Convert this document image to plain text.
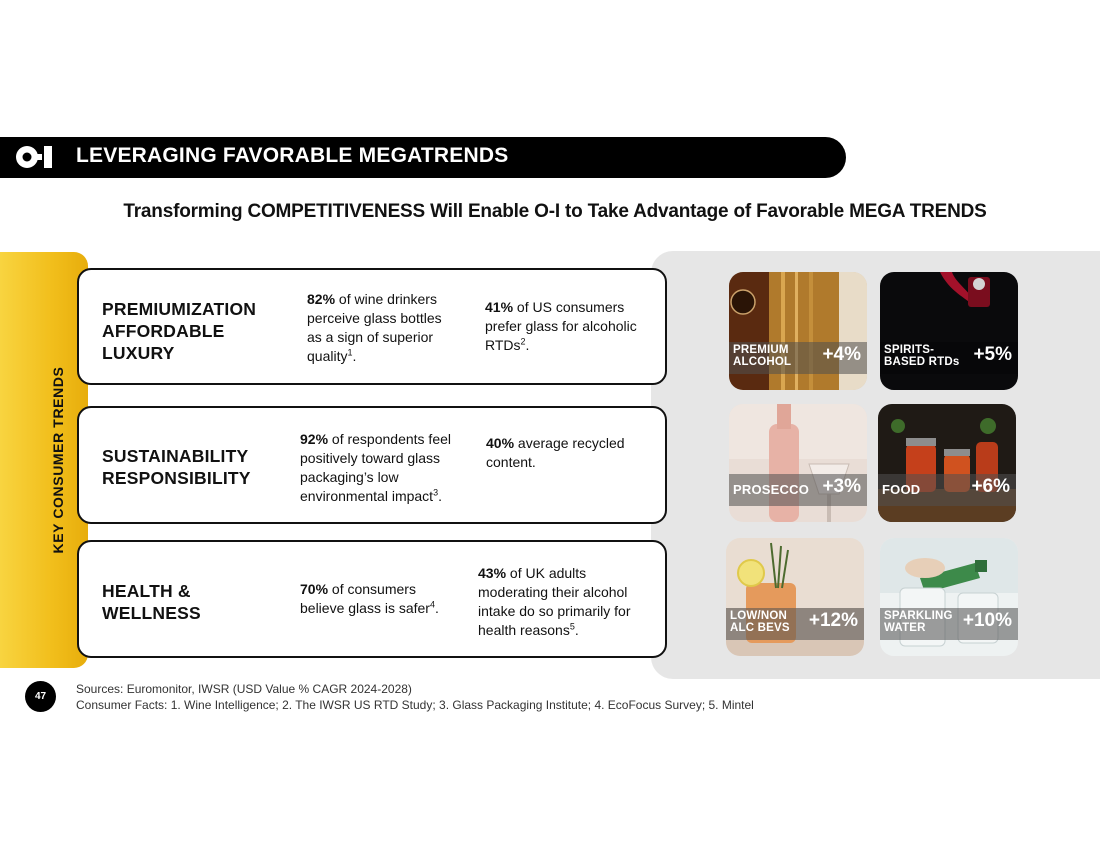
LEVERAGING FAVORABLE MEGATRENDS
Transforming COMPETITIVENESS Will Enable O-I to Take Advantage of Favorable MEGA TRENDS
KEY CONSUMER TRENDS
PREMIUMIZATION
AFFORDABLE
LUXURY
82% of wine drinkers perceive glass bottles as a sign of superior quality$^1$.
41% of US consumers prefer glass for alcoholic RTDs$^2$.
SUSTAINABILITY
RESPONSIBILITY
92% of respondents feel positively toward glass packaging’s low environmental impact$^3$.
40% average recycled content.
HEALTH &
WELLNESS
70% of consumers believe glass is safer$^4$.
43% of UK adults moderating their alcohol intake do so primarily for health reasons$^5$.
PREMIUM
ALCOHOL +4% SPIRITS-
BASED RTDs +5%
PROSECCO +3% FOOD	+6%
LOW/NON
ALC BEVS +12% SPARKLING
WATER	+10%
47
Sources: Euromonitor, IWSR (USD Value % CAGR 2024-2028)
Consumer Facts: 1. Wine Intelligence; 2. The IWSR US RTD Study; 3. Glass Packaging Institute; 4. EcoFocus Survey; 5. Mintel
